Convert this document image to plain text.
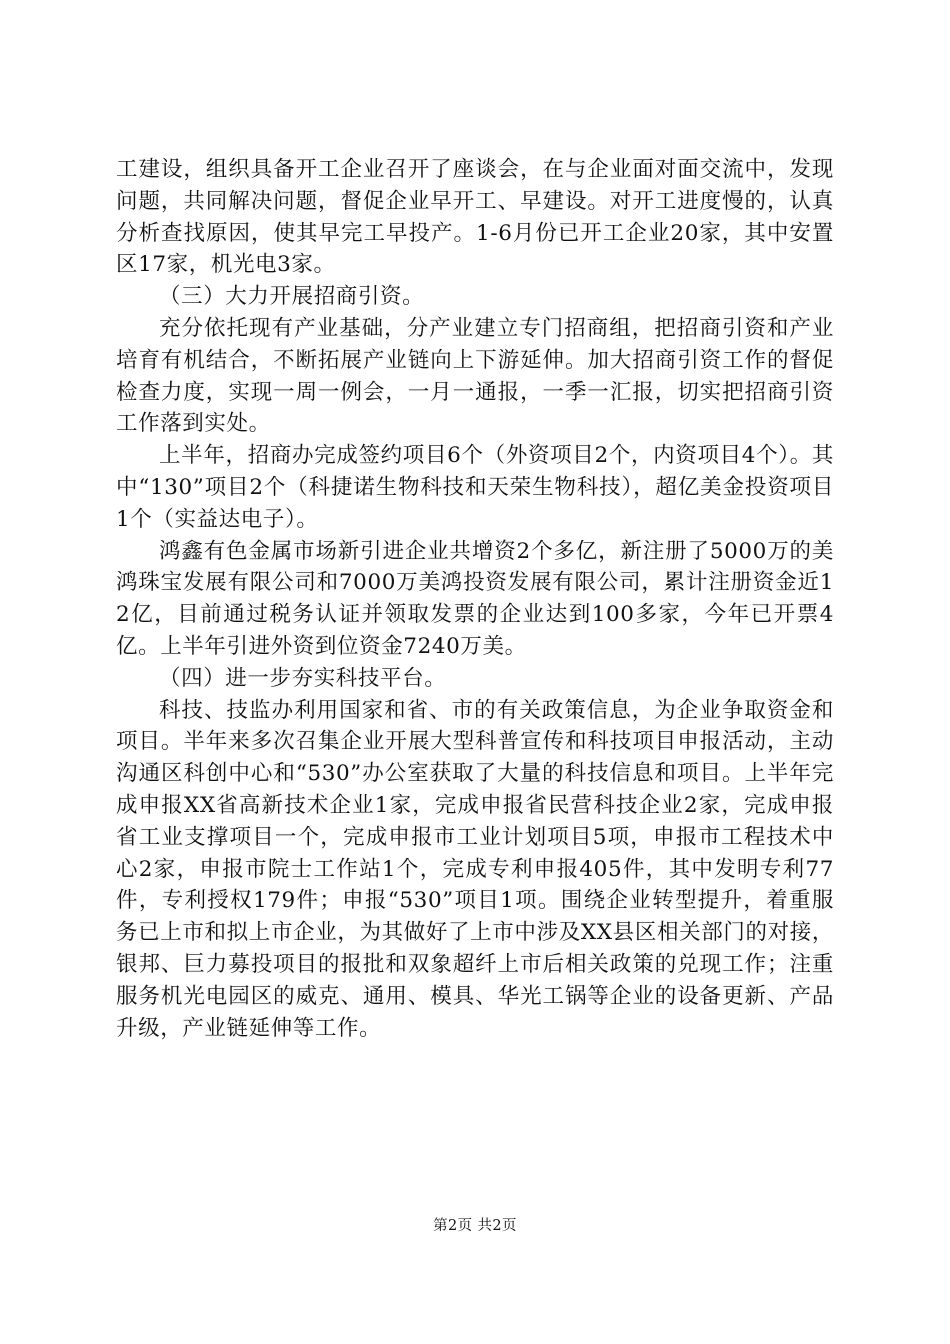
工建设，组织具备开工企业召开了座谈会，在与企业面对面交流中，发现问题，共同解决问题，督促企业早开工、早建设。对开工进度慢的，认真分析查找原因，使其早完工早投产。1-6月份已开工企业20家，其中安置区17家，机光电3家。

（三）大力开展招商引资。

充分依托现有产业基础，分产业建立专门招商组，把招商引资和产业培育有机结合，不断拓展产业链向上下游延伸。加大招商引资工作的督促检查力度，实现一周一例会，一月一通报，一季一汇报，切实把招商引资工作落到实处。

上半年，招商办完成签约项目6个（外资项目2个，内资项目4个）。其中“130”项目2个（科捷诺生物科技和天荣生物科技），超亿美金投资项目1个（实益达电子）。

鸿鑫有色金属市场新引进企业共增资2个多亿，新注册了5000万的美鸿珠宝发展有限公司和7000万美鸿投资发展有限公司，累计注册资金近12亿，目前通过税务认证并领取发票的企业达到100多家，今年已开票4亿。上半年引进外资到位资金7240万美。

（四）进一步夯实科技平台。

科技、技监办利用国家和省、市的有关政策信息，为企业争取资金和项目。半年来多次召集企业开展大型科普宣传和科技项目申报活动，主动沟通区科创中心和“530”办公室获取了大量的科技信息和项目。上半年完成申报XX省高新技术企业1家，完成申报省民营科技企业2家，完成申报省工业支撑项目一个，完成申报市工业计划项目5项，申报市工程技术中心2家，申报市院士工作站1个，完成专利申报405件，其中发明专利77件，专利授权179件；申报“530”项目1项。围绕企业转型提升，着重服务已上市和拟上市企业，为其做好了上市中涉及XX县区相关部门的对接，银邦、巨力募投项目的报批和双象超纤上市后相关政策的兑现工作；注重服务机光电园区的威克、通用、模具、华光工锅等企业的设备更新、产品升级，产业链延伸等工作。

第2页 共2页
